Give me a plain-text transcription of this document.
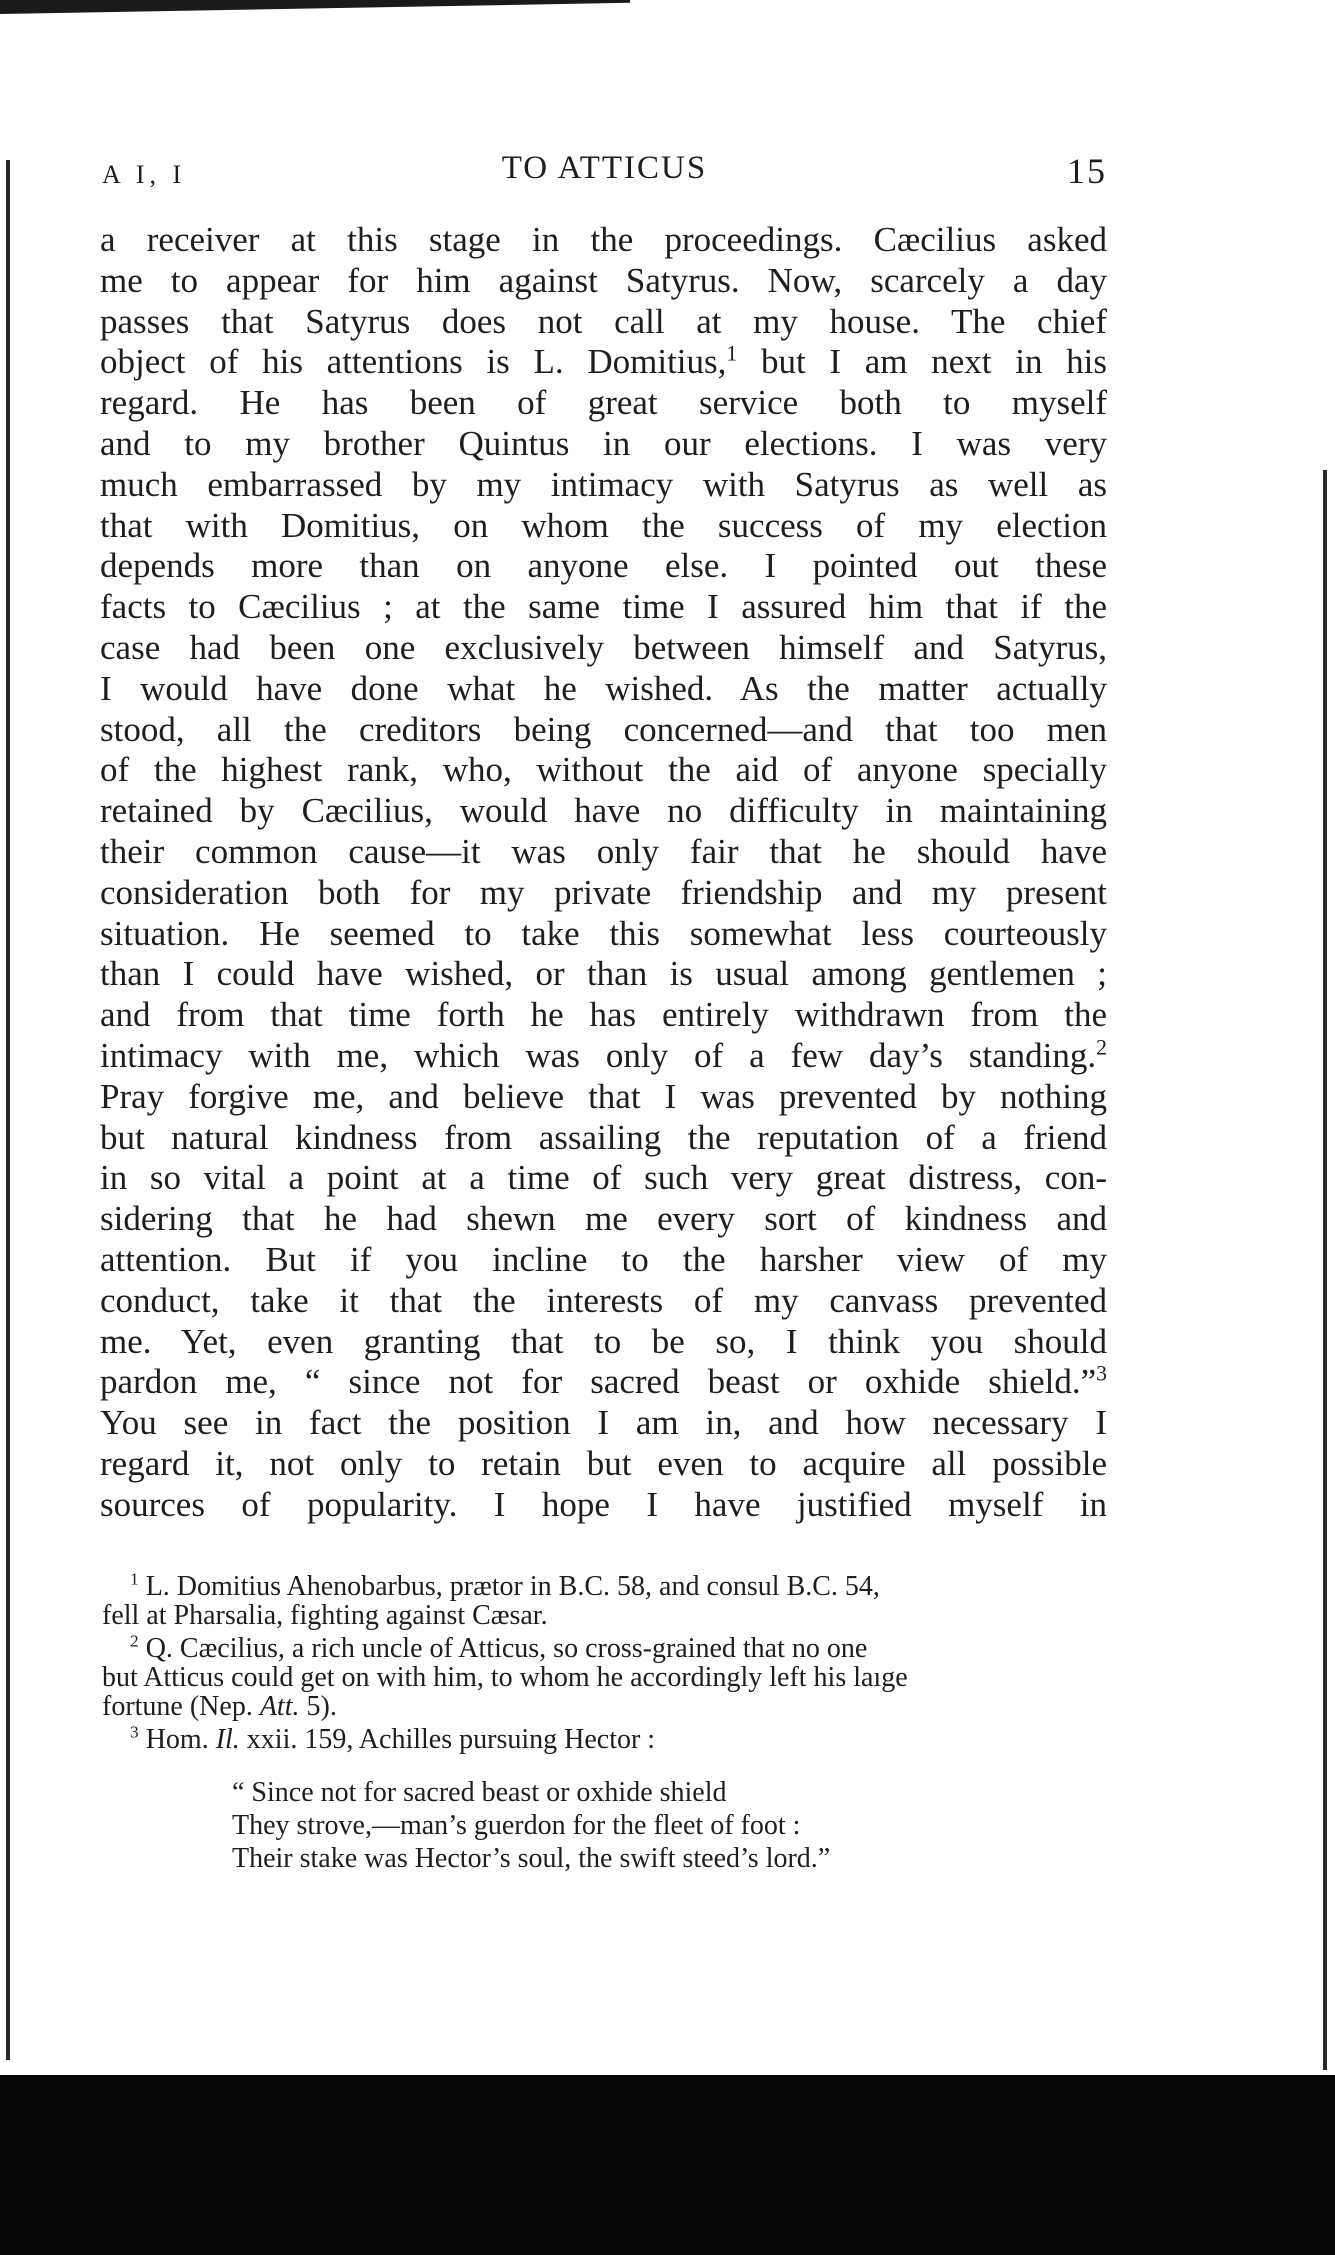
A I, I	TO ATTICUS	15
a receiver at this stage in the proceedings. Cæcilius asked
me to appear for him against Satyrus. Now, scarcely a day
passes that Satyrus does not call at my house. The chief
object of his attentions is L. Domitius,$^1$ but I am next in his
regard. He has been of great service both to myself
and to my brother Quintus in our elections. I was very
much embarrassed by my intimacy with Satyrus as well as
that with Domitius, on whom the success of my election
depends more than on anyone else. I pointed out these
facts to Cæcilius ; at the same time I assured him that if the
case had been one exclusively between himself and Satyrus,
I would have done what he wished. As the matter actually
stood, all the creditors being concerned—and that too men
of the highest rank, who, without the aid of anyone specially
retained by Cæcilius, would have no difficulty in maintaining
their common cause—it was only fair that he should have
consideration both for my private friendship and my present
situation. He seemed to take this somewhat less courteously
than I could have wished, or than is usual among gentlemen ;
and from that time forth he has entirely withdrawn from the
intimacy with me, which was only of a few day’s standing.$^2$
Pray forgive me, and believe that I was prevented by nothing
but natural kindness from assailing the reputation of a friend
in so vital a point at a time of such very great distress, con-
sidering that he had shewn me every sort of kindness and
attention. But if you incline to the harsher view of my
conduct, take it that the interests of my canvass prevented
me. Yet, even granting that to be so, I think you should
pardon me, “ since not for sacred beast or oxhide shield.”$^3$
You see in fact the position I am in, and how necessary I
regard it, not only to retain but even to acquire all possible
sources of popularity. I hope I have justified myself in

$^1$ L. Domitius Ahenobarbus, prætor in B.C. 58, and consul B.C. 54,
fell at Pharsalia, fighting against Cæsar.

$^2$ Q. Cæcilius, a rich uncle of Atticus, so cross-grained that no one
but Atticus could get on with him, to whom he accordingly left his laıge
fortune (Nep. Att. 5).

$^3$ Hom. Il. xxii. 159, Achilles pursuing Hector :

“ Since not for sacred beast or oxhide shield
They strove,—man’s guerdon for the fleet of foot :
Their stake was Hector’s soul, the swift steed’s lord.”
